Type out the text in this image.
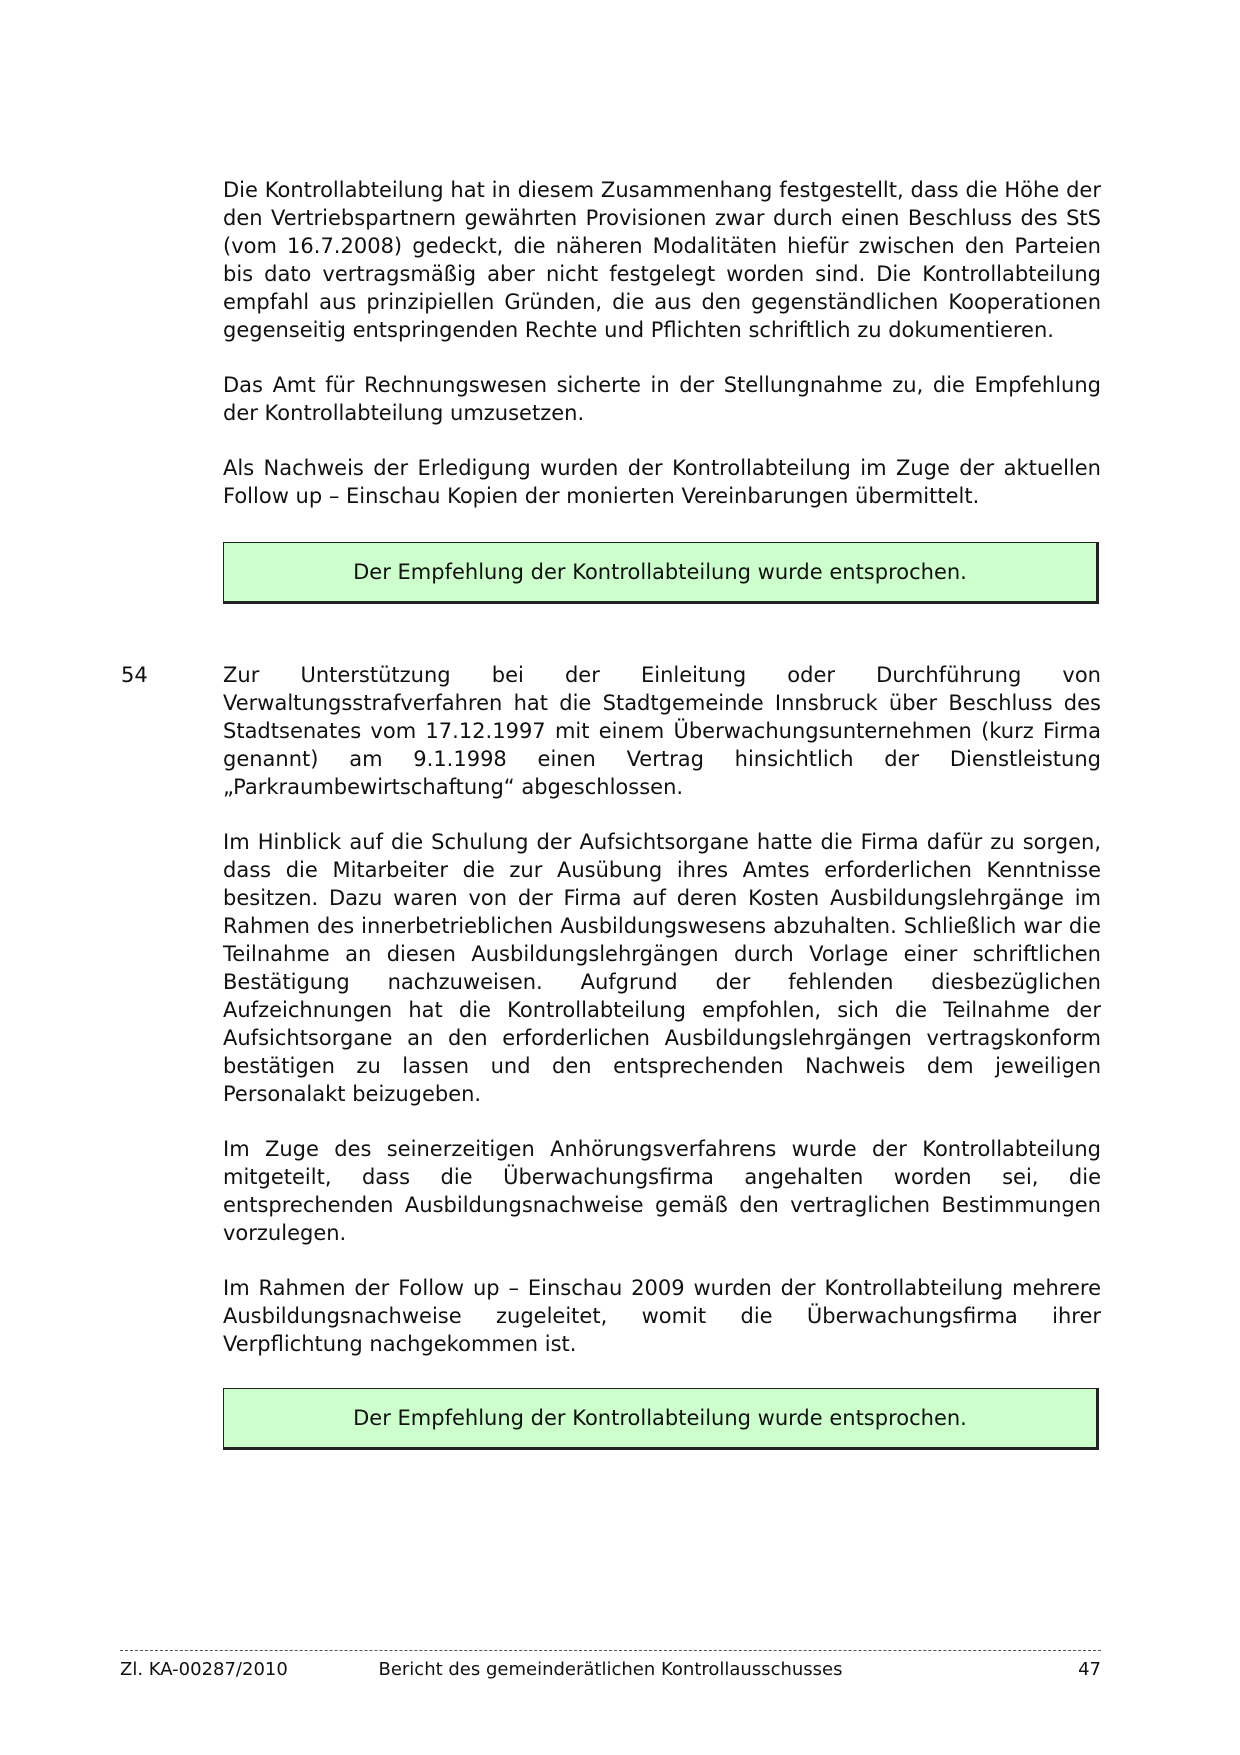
Die Kontrollabteilung hat in diesem Zusammenhang festgestellt, dass die Höhe der den Vertriebspartnern gewährten Provisionen zwar durch einen Beschluss des StS (vom 16.7.2008) gedeckt, die näheren Modalitäten hiefür zwischen den Parteien bis dato vertragsmäßig aber nicht festgelegt worden sind. Die Kontrollabteilung empfahl aus prinzipiellen Gründen, die aus den gegenständlichen Kooperationen gegenseitig entspringenden Rechte und Pflichten schriftlich zu dokumentieren.

Das Amt für Rechnungswesen sicherte in der Stellungnahme zu, die Empfehlung der Kontrollabteilung umzusetzen.

Als Nachweis der Erledigung wurden der Kontrollabteilung im Zuge der aktuellen Follow up – Einschau Kopien der monierten Vereinbarungen übermittelt.

Der Empfehlung der Kontrollabteilung wurde entsprochen.
54	Zur Unterstützung bei der Einleitung oder Durchführung von Verwaltungsstrafverfahren hat die Stadtgemeinde Innsbruck über Beschluss des Stadtsenates vom 17.12.1997 mit einem Überwachungsunternehmen (kurz Firma genannt) am 9.1.1998 einen Vertrag hinsichtlich der Dienstleistung „Parkraumbewirtschaftung“ abgeschlossen.

Im Hinblick auf die Schulung der Aufsichtsorgane hatte die Firma dafür zu sorgen, dass die Mitarbeiter die zur Ausübung ihres Amtes erforderlichen Kenntnisse besitzen. Dazu waren von der Firma auf deren Kosten Ausbildungslehrgänge im Rahmen des innerbetrieblichen Ausbildungswesens abzuhalten. Schließlich war die Teilnahme an diesen Ausbildungslehrgängen durch Vorlage einer schriftlichen Bestätigung nachzuweisen. Aufgrund der fehlenden diesbezüglichen Aufzeichnungen hat die Kontrollabteilung empfohlen, sich die Teilnahme der Aufsichtsorgane an den erforderlichen Ausbildungslehrgängen vertragskonform bestätigen zu lassen und den entsprechenden Nachweis dem jeweiligen Personalakt beizugeben.

Im Zuge des seinerzeitigen Anhörungsverfahrens wurde der Kontrollabteilung mitgeteilt, dass die Überwachungsfirma angehalten worden sei, die entsprechenden Ausbildungsnachweise gemäß den vertraglichen Bestimmungen vorzulegen.

Im Rahmen der Follow up – Einschau 2009 wurden der Kontrollabteilung mehrere Ausbildungsnachweise zugeleitet, womit die Überwachungsfirma ihrer Verpflichtung nachgekommen ist.

Der Empfehlung der Kontrollabteilung wurde entsprochen.
Zl. KA-00287/2010	Bericht des gemeinderätlichen Kontrollausschusses	47
